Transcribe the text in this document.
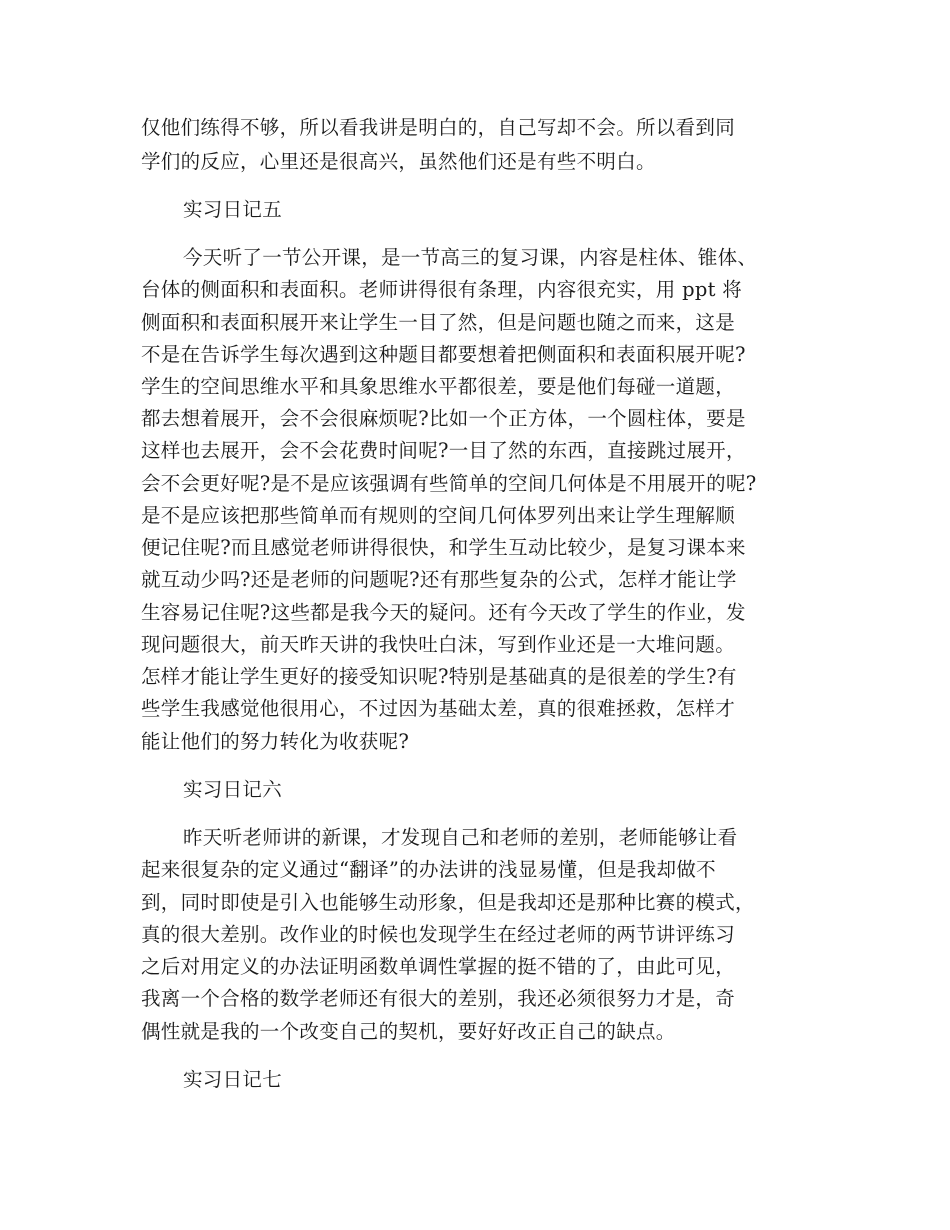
仅他们练得不够，所以看我讲是明白的，自己写却不会。所以看到同
学们的反应，心里还是很高兴，虽然他们还是有些不明白。
实习日记五
今天听了一节公开课，是一节高三的复习课，内容是柱体、锥体、
台体的侧面积和表面积。老师讲得很有条理，内容很充实，用 ppt 将
侧面积和表面积展开来让学生一目了然，但是问题也随之而来，这是
不是在告诉学生每次遇到这种题目都要想着把侧面积和表面积展开呢?
学生的空间思维水平和具象思维水平都很差，要是他们每碰一道题，
都去想着展开，会不会很麻烦呢?比如一个正方体，一个圆柱体，要是
这样也去展开，会不会花费时间呢?一目了然的东西，直接跳过展开，
会不会更好呢?是不是应该强调有些简单的空间几何体是不用展开的呢?
是不是应该把那些简单而有规则的空间几何体罗列出来让学生理解顺
便记住呢?而且感觉老师讲得很快，和学生互动比较少，是复习课本来
就互动少吗?还是老师的问题呢?还有那些复杂的公式，怎样才能让学
生容易记住呢?这些都是我今天的疑问。还有今天改了学生的作业，发
现问题很大，前天昨天讲的我快吐白沫，写到作业还是一大堆问题。
怎样才能让学生更好的接受知识呢?特别是基础真的是很差的学生?有
些学生我感觉他很用心，不过因为基础太差，真的很难拯救，怎样才
能让他们的努力转化为收获呢?
实习日记六
昨天听老师讲的新课，才发现自己和老师的差别，老师能够让看
起来很复杂的定义通过“翻译”的办法讲的浅显易懂，但是我却做不
到，同时即使是引入也能够生动形象，但是我却还是那种比赛的模式，
真的很大差别。改作业的时候也发现学生在经过老师的两节讲评练习
之后对用定义的办法证明函数单调性掌握的挺不错的了，由此可见，
我离一个合格的数学老师还有很大的差别，我还必须很努力才是，奇
偶性就是我的一个改变自己的契机，要好好改正自己的缺点。
实习日记七
